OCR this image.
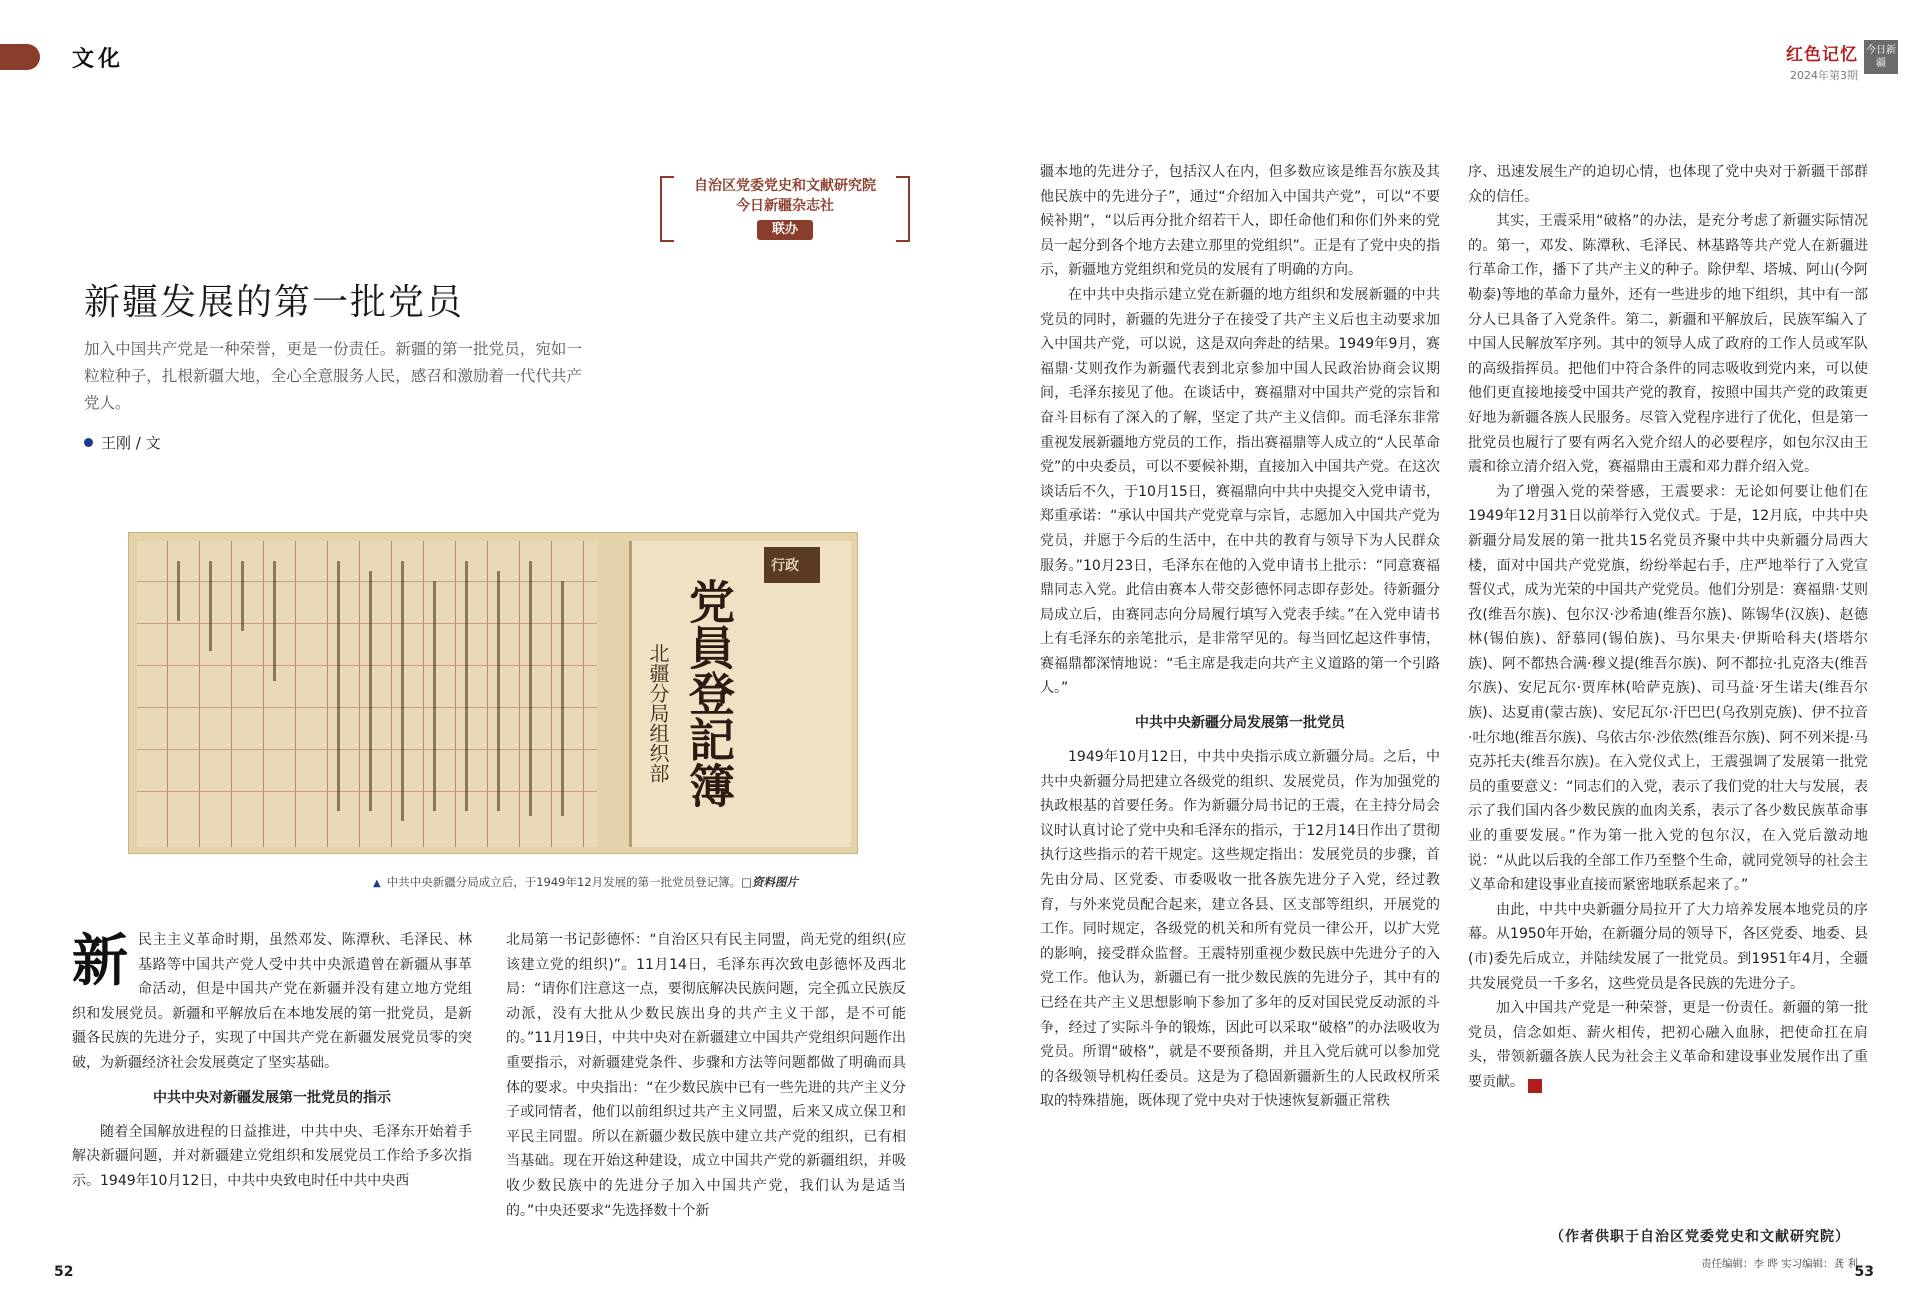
文化
自治区党委党史和文献研究院
今日新疆杂志社
联办
新疆发展的第一批党员
加入中国共产党是一种荣誉，更是一份责任。新疆的第一批党员，宛如一粒粒种子，扎根新疆大地，全心全意服务人民，感召和激励着一代代共产党人。
王刚 / 文
行政
党員登記簿
北疆分局组织部
▲ 中共中央新疆分局成立后，于1949年12月发展的第一批党员登记簿。□资料图片
新 民主主义革命时期，虽然邓发、陈潭秋、毛泽民、林基路等中国共产党人受中共中央派遣曾在新疆从事革命活动，但是中国共产党在新疆并没有建立地方党组织和发展党员。新疆和平解放后在本地发展的第一批党员，是新疆各民族的先进分子，实现了中国共产党在新疆发展党员零的突破，为新疆经济社会发展奠定了坚实基础。

中共中央对新疆发展第一批党员的指示

随着全国解放进程的日益推进，中共中央、毛泽东开始着手解决新疆问题，并对新疆建立党组织和发展党员工作给予多次指示。1949年10月12日，中共中央致电时任中共中央西

北局第一书记彭德怀：“自治区只有民主同盟，尚无党的组织(应该建立党的组织)”。11月14日，毛泽东再次致电彭德怀及西北局：“请你们注意这一点，要彻底解决民族问题，完全孤立民族反动派，没有大批从少数民族出身的共产主义干部，是不可能的。”11月19日，中共中央对在新疆建立中国共产党组织问题作出重要指示，对新疆建党条件、步骤和方法等问题都做了明确而具体的要求。中央指出：“在少数民族中已有一些先进的共产主义分子或同情者，他们以前组织过共产主义同盟，后来又成立保卫和平民主同盟。所以在新疆少数民族中建立共产党的组织，已有相当基础。现在开始这种建设，成立中国共产党的新疆组织，并吸收少数民族中的先进分子加入中国共产党，我们认为是适当的。”中央还要求“先选择数十个新

52
红色记忆
2024年第3期
今日新疆

疆本地的先进分子，包括汉人在内，但多数应该是维吾尔族及其他民族中的先进分子”，通过“介绍加入中国共产党”，可以“不要候补期”，“以后再分批介绍若干人，即任命他们和你们外来的党员一起分到各个地方去建立那里的党组织”。正是有了党中央的指示，新疆地方党组织和党员的发展有了明确的方向。

在中共中央指示建立党在新疆的地方组织和发展新疆的中共党员的同时，新疆的先进分子在接受了共产主义后也主动要求加入中国共产党，可以说，这是双向奔赴的结果。1949年9月，赛福鼎·艾则孜作为新疆代表到北京参加中国人民政治协商会议期间，毛泽东接见了他。在谈话中，赛福鼎对中国共产党的宗旨和奋斗目标有了深入的了解，坚定了共产主义信仰。而毛泽东非常重视发展新疆地方党员的工作，指出赛福鼎等人成立的“人民革命党”的中央委员，可以不要候补期，直接加入中国共产党。在这次谈话后不久，于10月15日，赛福鼎向中共中央提交入党申请书，郑重承诺：“承认中国共产党党章与宗旨，志愿加入中国共产党为党员，并愿于今后的生活中，在中共的教育与领导下为人民群众服务。”10月23日，毛泽东在他的入党申请书上批示：“同意赛福鼎同志入党。此信由赛本人带交彭德怀同志即存彭处。待新疆分局成立后，由赛同志向分局履行填写入党表手续。”在入党申请书上有毛泽东的亲笔批示，是非常罕见的。每当回忆起这件事情，赛福鼎都深情地说：“毛主席是我走向共产主义道路的第一个引路人。”

中共中央新疆分局发展第一批党员

1949年10月12日，中共中央指示成立新疆分局。之后，中共中央新疆分局把建立各级党的组织、发展党员，作为加强党的执政根基的首要任务。作为新疆分局书记的王震，在主持分局会议时认真讨论了党中央和毛泽东的指示，于12月14日作出了贯彻执行这些指示的若干规定。这些规定指出：发展党员的步骤，首先由分局、区党委、市委吸收一批各族先进分子入党，经过教育，与外来党员配合起来，建立各县、区支部等组织，开展党的工作。同时规定，各级党的机关和所有党员一律公开，以扩大党的影响，接受群众监督。王震特别重视少数民族中先进分子的入党工作。他认为，新疆已有一批少数民族的先进分子，其中有的已经在共产主义思想影响下参加了多年的反对国民党反动派的斗争，经过了实际斗争的锻炼，因此可以采取“破格”的办法吸收为党员。所谓“破格”，就是不要预备期，并且入党后就可以参加党的各级领导机构任委员。这是为了稳固新疆新生的人民政权所采取的特殊措施，既体现了党中央对于快速恢复新疆正常秩

序、迅速发展生产的迫切心情，也体现了党中央对于新疆干部群众的信任。

其实，王震采用“破格”的办法，是充分考虑了新疆实际情况的。第一，邓发、陈潭秋、毛泽民、林基路等共产党人在新疆进行革命工作，播下了共产主义的种子。除伊犁、塔城、阿山(今阿勒泰)等地的革命力量外，还有一些进步的地下组织，其中有一部分人已具备了入党条件。第二，新疆和平解放后，民族军编入了中国人民解放军序列。其中的领导人成了政府的工作人员或军队的高级指挥员。把他们中符合条件的同志吸收到党内来，可以使他们更直接地接受中国共产党的教育，按照中国共产党的政策更好地为新疆各族人民服务。尽管入党程序进行了优化，但是第一批党员也履行了要有两名入党介绍人的必要程序，如包尔汉由王震和徐立清介绍入党，赛福鼎由王震和邓力群介绍入党。

为了增强入党的荣誉感，王震要求：无论如何要让他们在1949年12月31日以前举行入党仪式。于是，12月底，中共中央新疆分局发展的第一批共15名党员齐聚中共中央新疆分局西大楼，面对中国共产党党旗，纷纷举起右手，庄严地举行了入党宣誓仪式，成为光荣的中国共产党党员。他们分别是：赛福鼎·艾则孜(维吾尔族)、包尔汉·沙希迪(维吾尔族)、陈锡华(汉族)、赵德林(锡伯族)、舒慕同(锡伯族)、马尔果夫·伊斯哈科夫(塔塔尔族)、阿不都热合满·穆义提(维吾尔族)、阿不都拉·扎克洛夫(维吾尔族)、安尼瓦尔·贾库林(哈萨克族)、司马益·牙生诺夫(维吾尔族)、达夏甫(蒙古族)、安尼瓦尔·汗巴巴(乌孜别克族)、伊不拉音·吐尔地(维吾尔族)、乌依古尔·沙依然(维吾尔族)、阿不列米提·马克苏托夫(维吾尔族)。在入党仪式上，王震强调了发展第一批党员的重要意义：“同志们的入党，表示了我们党的壮大与发展，表示了我们国内各少数民族的血肉关系，表示了各少数民族革命事业的重要发展。”作为第一批入党的包尔汉，在入党后激动地说：“从此以后我的全部工作乃至整个生命，就同党领导的社会主义革命和建设事业直接而紧密地联系起来了。”

由此，中共中央新疆分局拉开了大力培养发展本地党员的序幕。从1950年开始，在新疆分局的领导下，各区党委、地委、县(市)委先后成立，并陆续发展了一批党员。到1951年4月，全疆共发展党员一千多名，这些党员是各民族的先进分子。

加入中国共产党是一种荣誉，更是一份责任。新疆的第一批党员，信念如炬、薪火相传，把初心融入血脉，把使命扛在肩头，带领新疆各族人民为社会主义革命和建设事业发展作出了重要贡献。	J

（作者供职于自治区党委党史和文献研究院）
责任编辑：李 晔 实习编辑：龚 利
53
